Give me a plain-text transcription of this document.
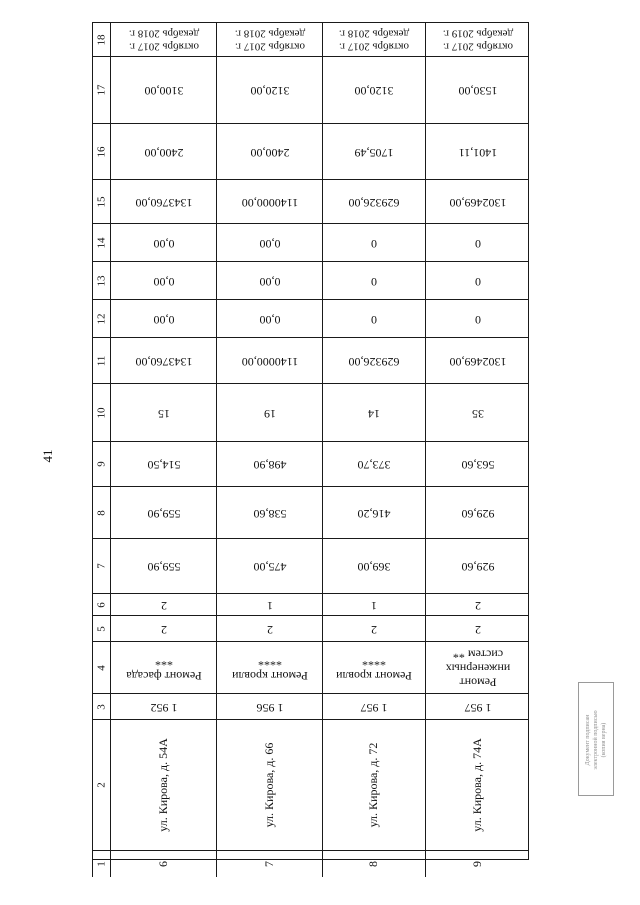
41
Документ подписан электронной подписью (копия верна)
18
17
16
15
14
13
12
11
10
9
8
7
6
5
4
3
2
1
октябрь 2017 г.
декабрь 2018 г.
3100,00
2400,00
1343760,00
0,00
0,00
0,00
1343760,00
15
514,50
559,90
559,90
2
2
Ремонт фасада
***
1 952
ул. Кирова, д. 54А
6
октябрь 2017 г.
декабрь 2018 г.
3120,00
2400,00
1140000,00
0,00
0,00
0,00
1140000,00
19
498,90
538,60
475,00
1
2
Ремонт кровли
****
1 956
ул. Кирова, д. 66
7
октябрь 2017 г.
декабрь 2018 г.
3120,00
1705,49
629326,00
0
0
0
629326,00
14
373,70
416,20
369,00
1
2
Ремонт кровли
****
1 957
ул. Кирова, д. 72
8
октябрь 2017 г.
декабрь 2019 г.
1530,00
1401,11
1302469,00
0
0
0
1302469,00
35
563,60
929,60
929,60
2
2
Ремонт
инженерных
систем **
1 957
ул. Кирова, д. 74А
9
